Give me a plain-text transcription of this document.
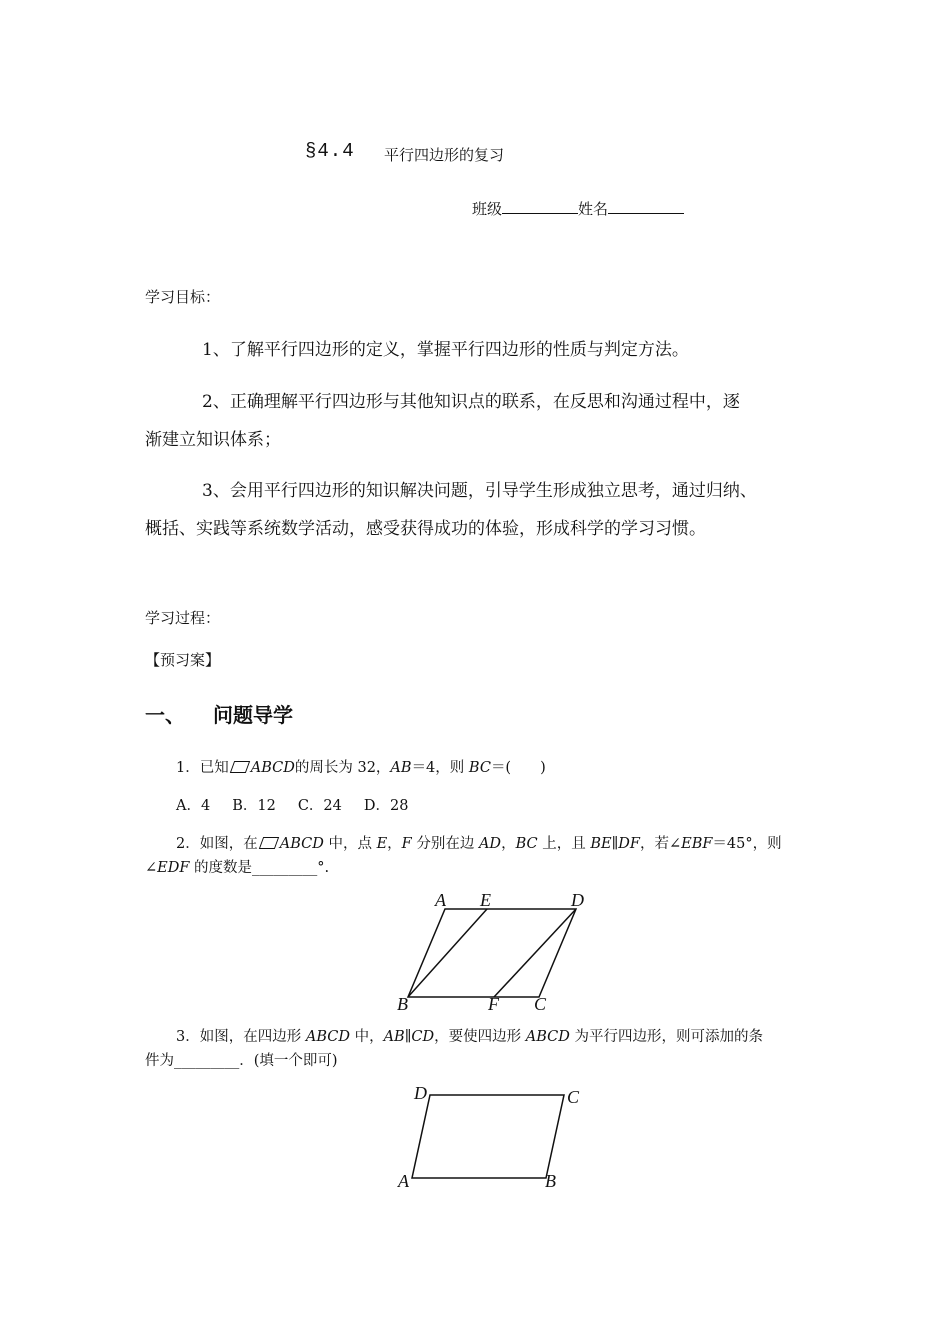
§4.4 平行四边形的复习
班级	姓名
学习目标：
1、了解平行四边形的定义，掌握平行四边形的性质与判定方法。
2、正确理解平行四边形与其他知识点的联系，在反思和沟通过程中，逐
渐建立知识体系；
3、会用平行四边形的知识解决问题，引导学生形成独立思考，通过归纳、
概括、实践等系统数学活动，感受获得成功的体验，形成科学的学习习惯。
学习过程：
【预习案】
一、 问题导学
1．已知 ABCD的周长为 32，AB＝4，则 BC＝(　　)
A．4 B．12 C．24 D．28
2．如图，在 ABCD 中，点 E，F 分别在边 AD，BC 上，且 BE∥DF，若∠EBF＝45°，则
∠EDF 的度数是_________°.
A E	D
B	F C
3．如图，在四边形 ABCD 中，AB∥CD，要使四边形 ABCD 为平行四边形，则可添加的条
件为_________．(填一个即可)
D	C
A	B
